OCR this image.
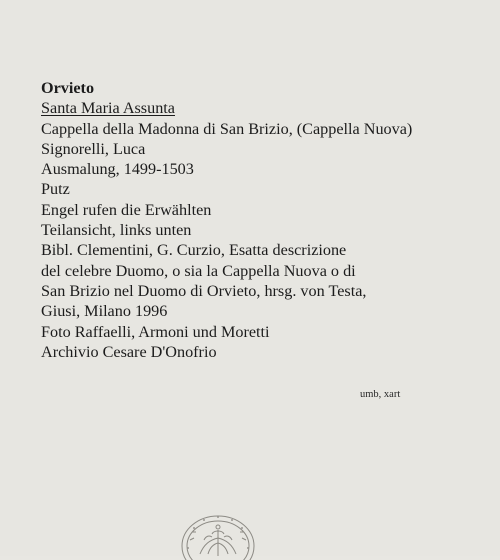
Orvieto
Santa Maria Assunta
Cappella della Madonna di San Brizio, (Cappella Nuova)
Signorelli, Luca
Ausmalung, 1499-1503
Putz
Engel rufen die Erwählten
Teilansicht, links unten
Bibl. Clementini, G. Curzio, Esatta descrizione
del celebre Duomo, o sia la Cappella Nuova o di
San Brizio nel Duomo di Orvieto, hrsg. von Testa,
Giusi, Milano 1996
Foto Raffaelli, Armoni und Moretti
Archivio Cesare D'Onofrio
umb, xart
